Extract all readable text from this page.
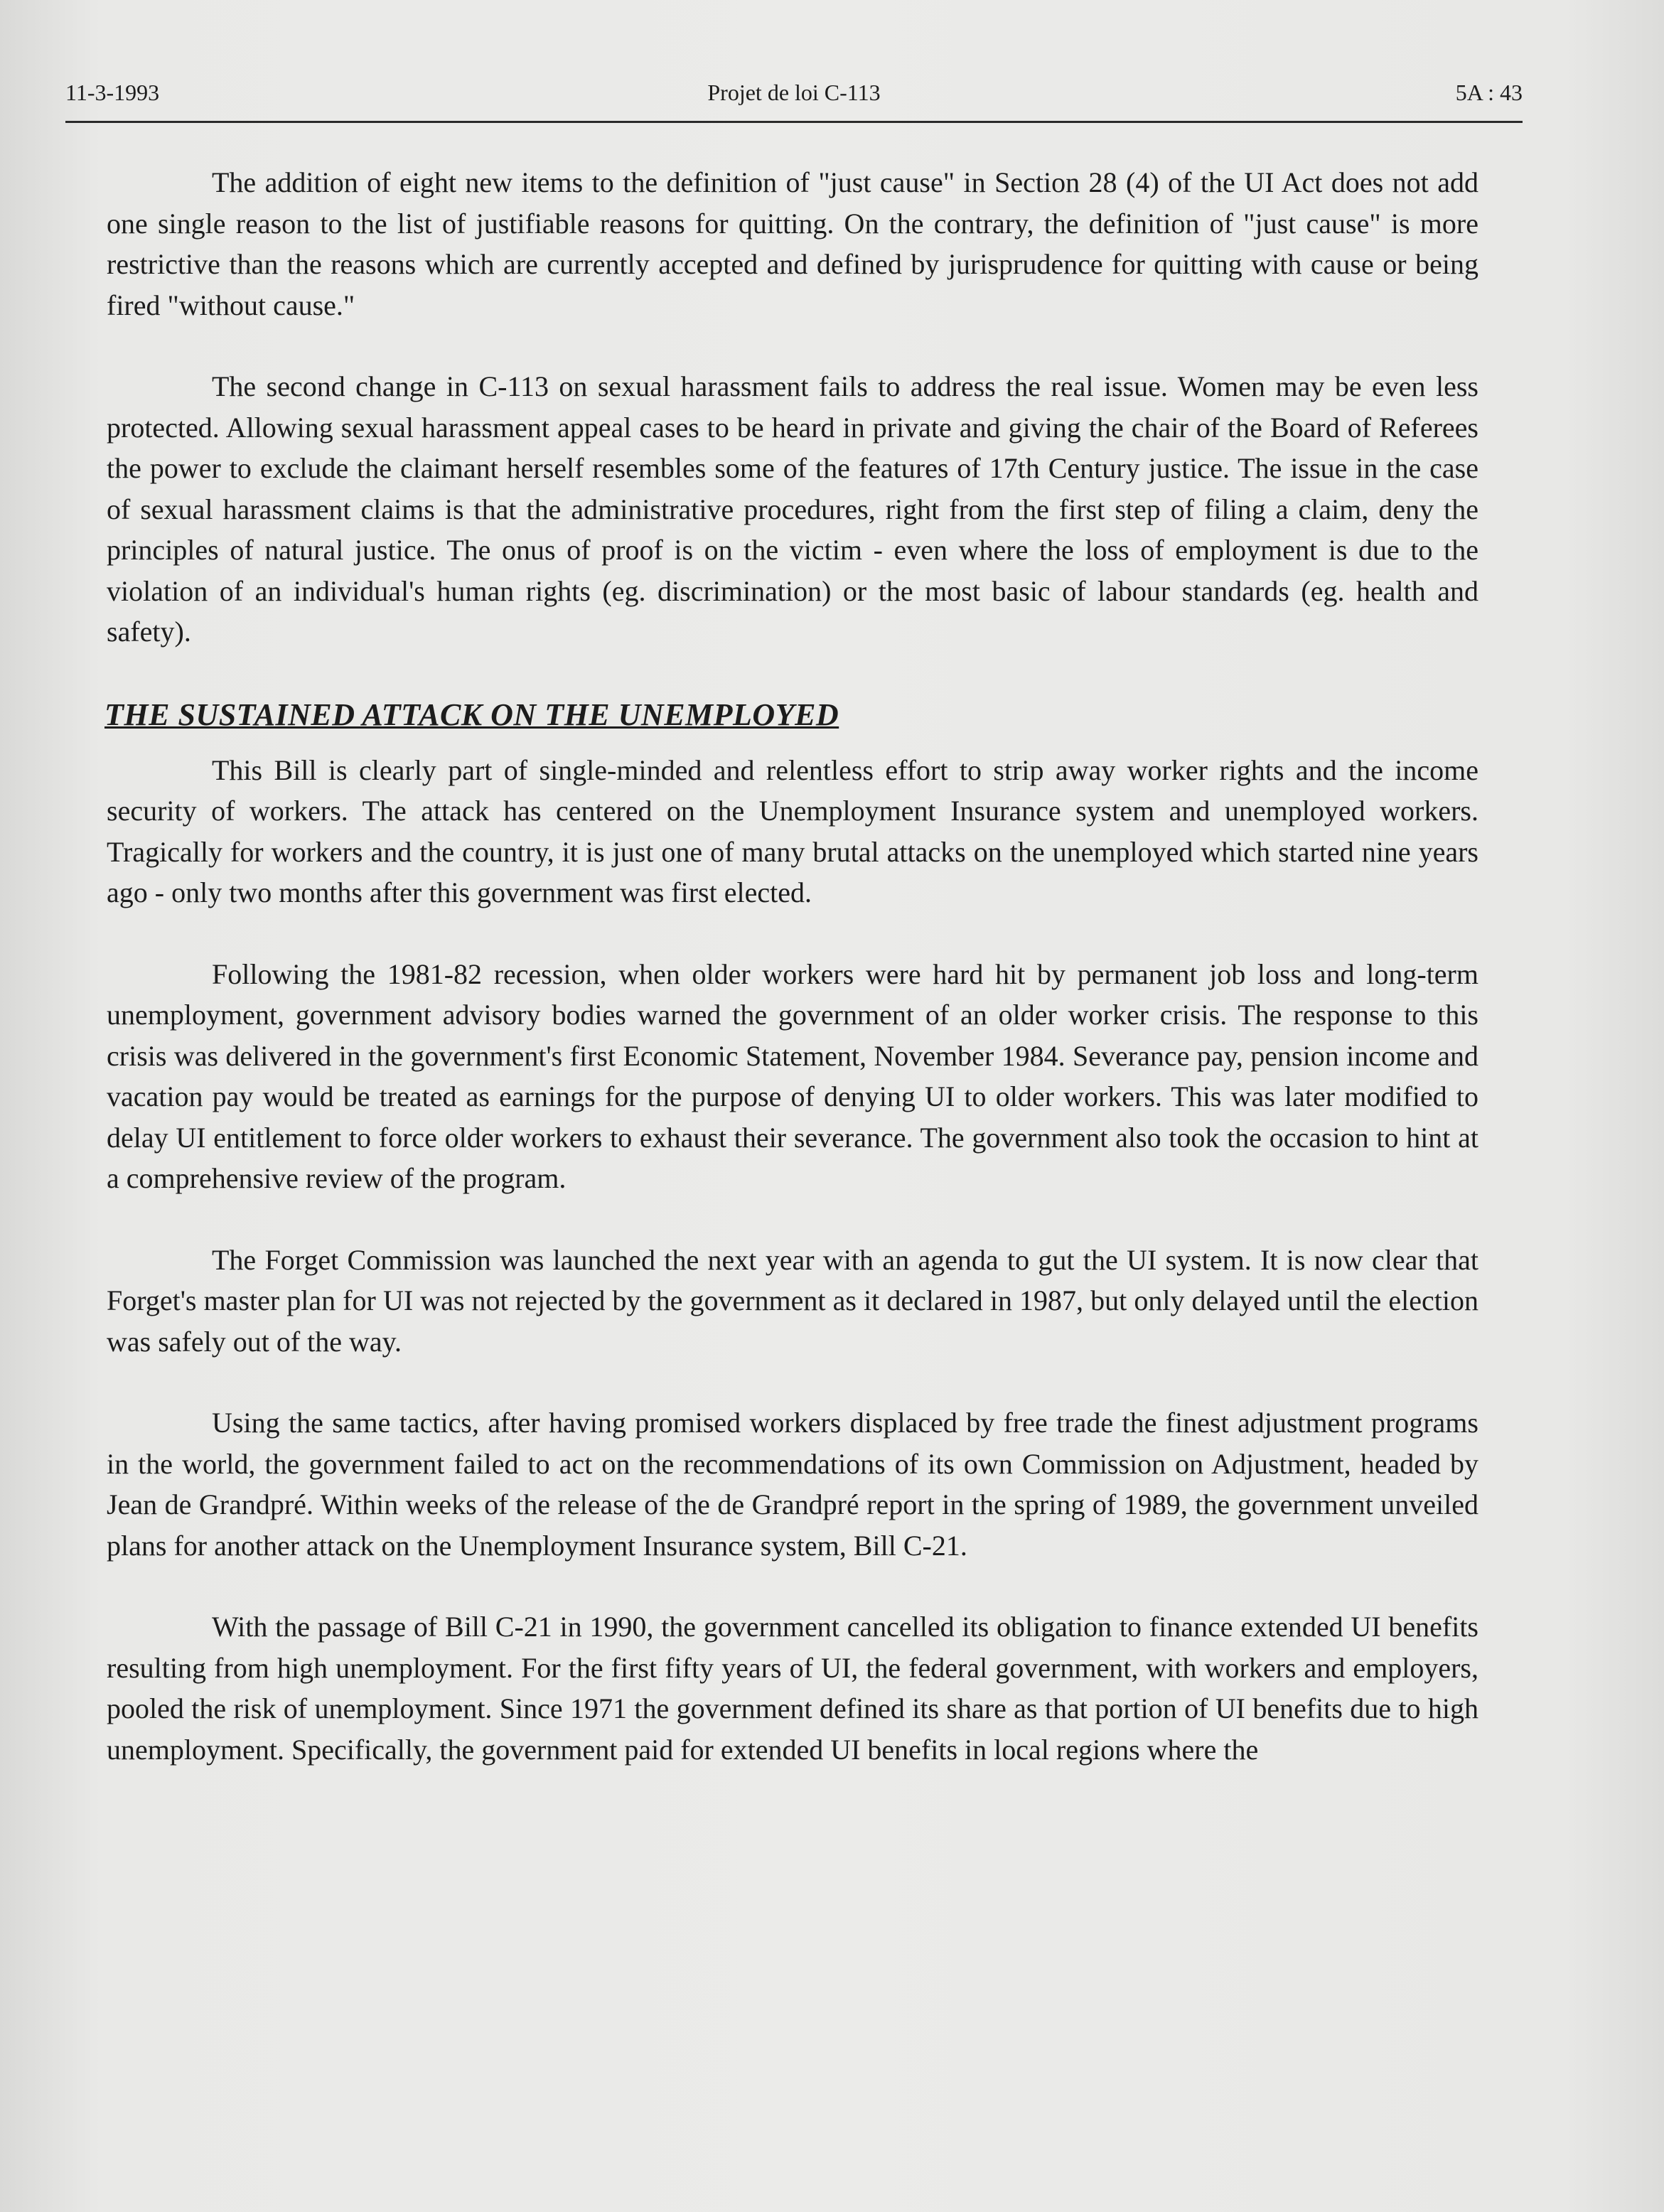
11-3-1993	Projet de loi C-113	5A : 43

The addition of eight new items to the definition of "just cause" in Section 28 (4) of the UI Act does not add one single reason to the list of justifiable reasons for quitting. On the contrary, the definition of "just cause" is more restrictive than the reasons which are currently accepted and defined by jurisprudence for quitting with cause or being fired "without cause."

The second change in C-113 on sexual harassment fails to address the real issue. Women may be even less protected. Allowing sexual harassment appeal cases to be heard in private and giving the chair of the Board of Referees the power to exclude the claimant herself resembles some of the features of 17th Century justice. The issue in the case of sexual harassment claims is that the administrative procedures, right from the first step of filing a claim, deny the principles of natural justice. The onus of proof is on the victim - even where the loss of employment is due to the violation of an individual's human rights (eg. discrimination) or the most basic of labour standards (eg. health and safety).

THE SUSTAINED ATTACK ON THE UNEMPLOYED

This Bill is clearly part of single-minded and relentless effort to strip away worker rights and the income security of workers. The attack has centered on the Unemployment Insurance system and unemployed workers. Tragically for workers and the country, it is just one of many brutal attacks on the unemployed which started nine years ago - only two months after this government was first elected.

Following the 1981-82 recession, when older workers were hard hit by permanent job loss and long-term unemployment, government advisory bodies warned the government of an older worker crisis. The response to this crisis was delivered in the government's first Economic Statement, November 1984. Severance pay, pension income and vacation pay would be treated as earnings for the purpose of denying UI to older workers. This was later modified to delay UI entitlement to force older workers to exhaust their severance. The government also took the occasion to hint at a comprehensive review of the program.

The Forget Commission was launched the next year with an agenda to gut the UI system. It is now clear that Forget's master plan for UI was not rejected by the government as it declared in 1987, but only delayed until the election was safely out of the way.

Using the same tactics, after having promised workers displaced by free trade the finest adjustment programs in the world, the government failed to act on the recommendations of its own Commission on Adjustment, headed by Jean de Grandpré. Within weeks of the release of the de Grandpré report in the spring of 1989, the government unveiled plans for another attack on the Unemployment Insurance system, Bill C-21.

With the passage of Bill C-21 in 1990, the government cancelled its obligation to finance extended UI benefits resulting from high unemployment. For the first fifty years of UI, the federal government, with workers and employers, pooled the risk of unemployment. Since 1971 the government defined its share as that portion of UI benefits due to high unemployment. Specifically, the government paid for extended UI benefits in local regions where the
